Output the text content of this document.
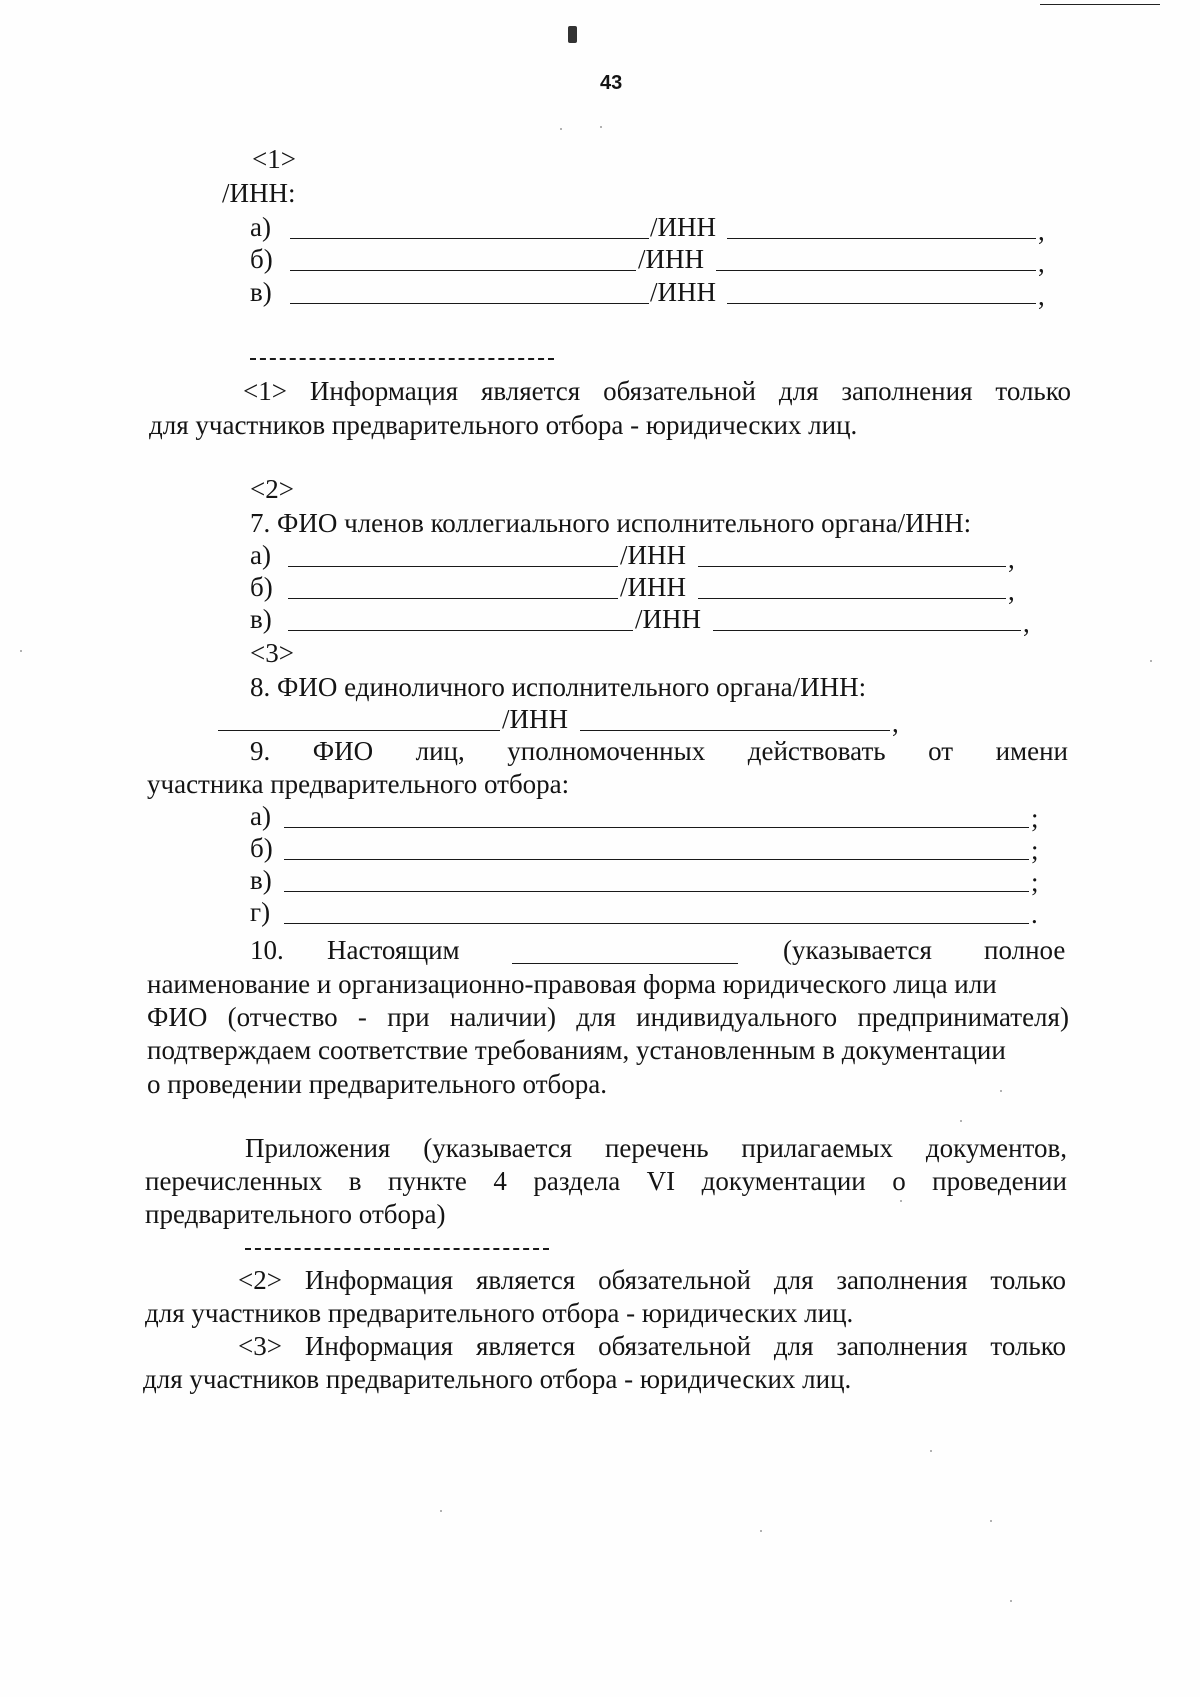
43
<1>
/ИНН:
а)	/ИНН	,
б)	/ИНН	,
в)	/ИНН	,
<1> Информация является обязательной для заполнения только
для участников предварительного отбора - юридических лиц.
<2>
7. ФИО членов коллегиального исполнительного органа/ИНН:
а)	/ИНН	,
б)	/ИНН	,
в)	/ИНН	,
<3>
8. ФИО единоличного исполнительного органа/ИНН:
/ИНН	,
9. ФИО лиц, уполномоченных действовать от имени
участника предварительного отбора:
а)	;
б)	;
в)	;
г)	.
10. Настоящим	(указывается полное
наименование и организационно-правовая форма юридического лица или
ФИО (отчество - при наличии) для индивидуального предпринимателя)
подтверждаем соответствие требованиям, установленным в документации
о проведении предварительного отбора.
Приложения (указывается перечень прилагаемых документов,
перечисленных в пункте 4 раздела VI документации о проведении
предварительного отбора)
<2> Информация является обязательной для заполнения только
для участников предварительного отбора - юридических лиц.
<3> Информация является обязательной для заполнения только
для участников предварительного отбора - юридических лиц.
